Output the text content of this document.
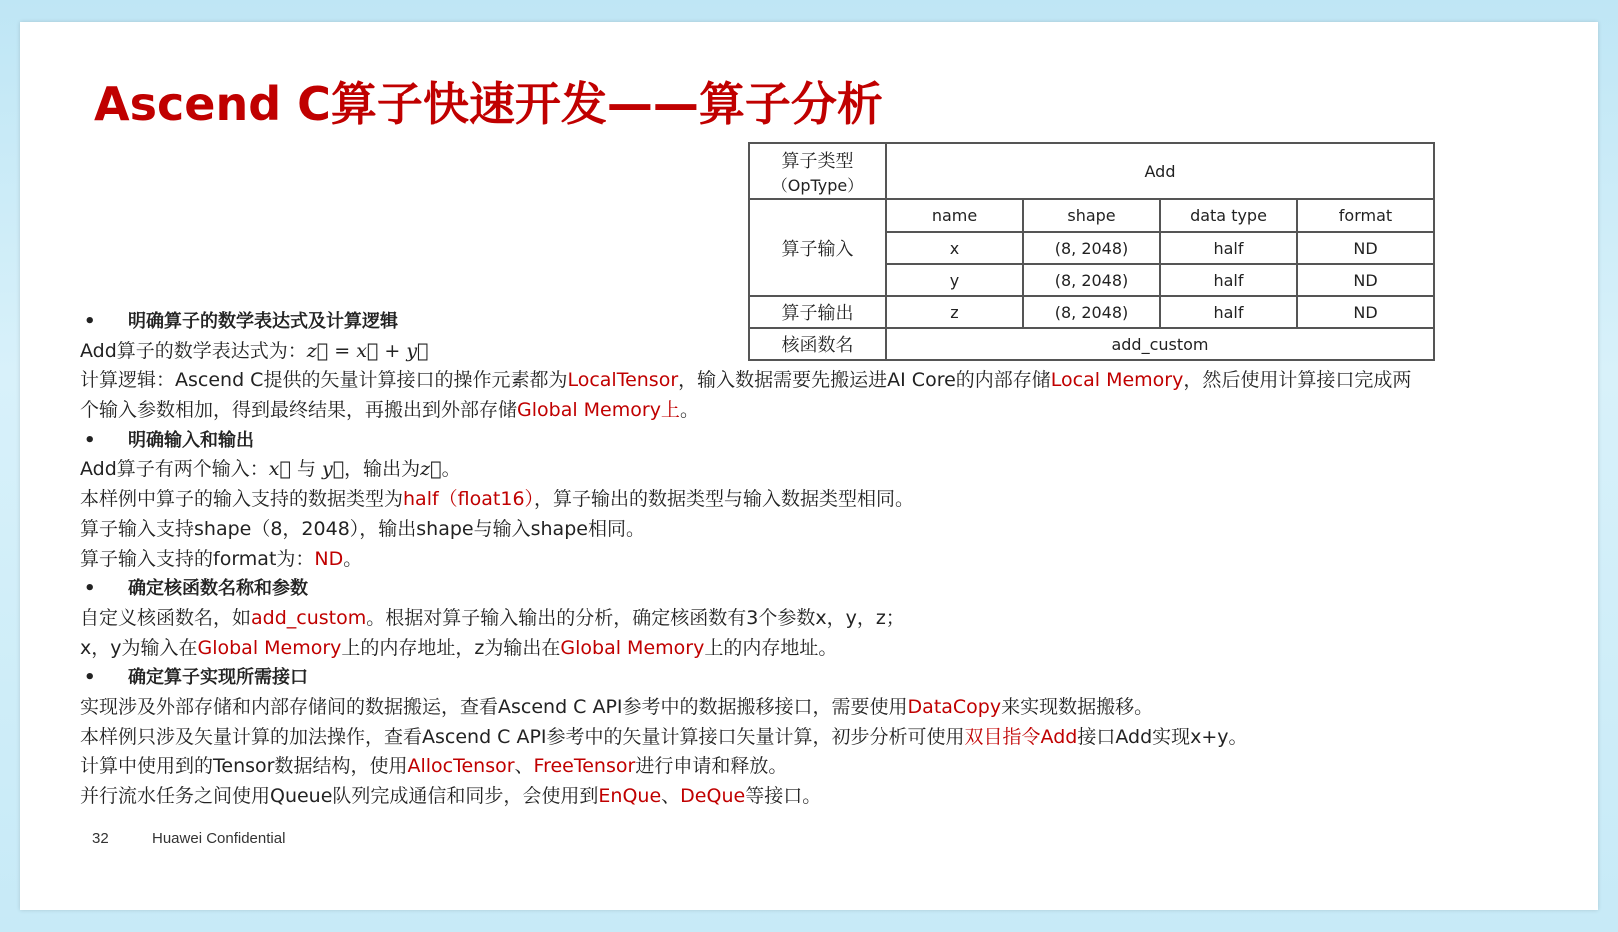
Ascend C算子快速开发——算子分析
算子类型
（OpType）	Add			
算子输入	name	shape	data type	format
	x	(8, 2048)	half	ND
	y	(8, 2048)	half	ND
算子输出	z	(8, 2048)	half	ND
核函数名	add_custom			
• 明确算子的数学表达式及计算逻辑
Add算子的数学表达式为：z⃗ = x⃗ + y⃗
计算逻辑：Ascend C提供的矢量计算接口的操作元素都为LocalTensor，输入数据需要先搬运进AI Core的内部存储Local Memory，然后使用计算接口完成两
个输入参数相加，得到最终结果，再搬出到外部存储Global Memory上。
• 明确输入和输出
Add算子有两个输入：x⃗ 与 y⃗，输出为z⃗。
本样例中算子的输入支持的数据类型为half（float16），算子输出的数据类型与输入数据类型相同。
算子输入支持shape（8，2048），输出shape与输入shape相同。
算子输入支持的format为：ND。
• 确定核函数名称和参数
自定义核函数名，如add_custom。根据对算子输入输出的分析，确定核函数有3个参数x，y，z；
x，y为输入在Global Memory上的内存地址，z为输出在Global Memory上的内存地址。
• 确定算子实现所需接口
实现涉及外部存储和内部存储间的数据搬运，查看Ascend C API参考中的数据搬移接口，需要使用DataCopy来实现数据搬移。
本样例只涉及矢量计算的加法操作，查看Ascend C API参考中的矢量计算接口矢量计算，初步分析可使用双目指令Add接口Add实现x+y。
计算中使用到的Tensor数据结构，使用AllocTensor、FreeTensor进行申请和释放。
并行流水任务之间使用Queue队列完成通信和同步，会使用到EnQue、DeQue等接口。
32	Huawei Confidential
